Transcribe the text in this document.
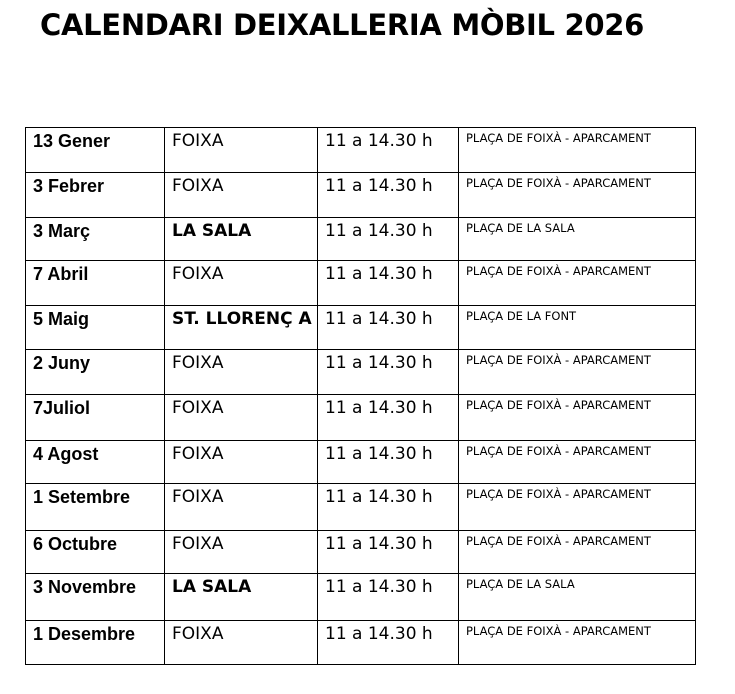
CALENDARI DEIXALLERIA MÒBIL 2026
13 Gener	FOIXA	11 a 14.30 h	PLAÇA DE FOIXÀ - APARCAMENT
3 Febrer	FOIXA	11 a 14.30 h	PLAÇA DE FOIXÀ - APARCAMENT
3 Març	LA SALA	11 a 14.30 h	PLAÇA DE LA SALA
7 Abril	FOIXA	11 a 14.30 h	PLAÇA DE FOIXÀ - APARCAMENT
5 Maig	ST. LLORENÇ A	11 a 14.30 h	PLAÇA DE LA FONT
2 Juny	FOIXA	11 a 14.30 h	PLAÇA DE FOIXÀ - APARCAMENT
7Juliol	FOIXA	11 a 14.30 h	PLAÇA DE FOIXÀ - APARCAMENT
4 Agost	FOIXA	11 a 14.30 h	PLAÇA DE FOIXÀ - APARCAMENT
1 Setembre	FOIXA	11 a 14.30 h	PLAÇA DE FOIXÀ - APARCAMENT
6 Octubre	FOIXA	11 a 14.30 h	PLAÇA DE FOIXÀ - APARCAMENT
3 Novembre	LA SALA	11 a 14.30 h	PLAÇA DE LA SALA
1 Desembre	FOIXA	11 a 14.30 h	PLAÇA DE FOIXÀ - APARCAMENT
